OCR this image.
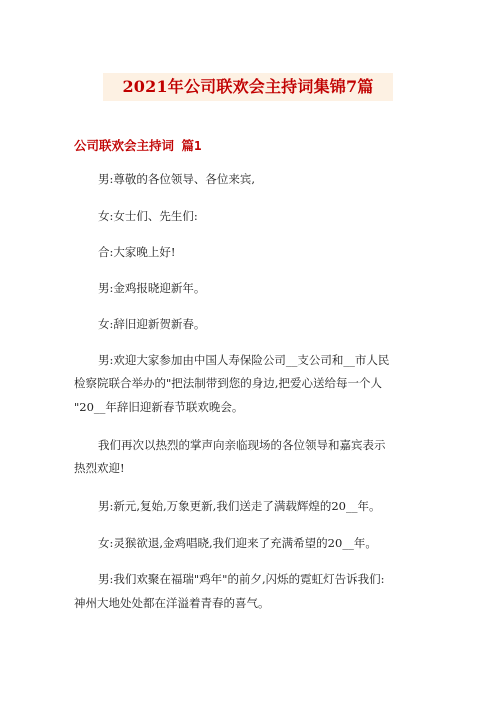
2021年公司联欢会主持词集锦7篇
公司联欢会主持词 篇1
男:尊敬的各位领导、各位来宾,
女:女士们、先生们:
合:大家晚上好!
男:金鸡报晓迎新年。
女:辞旧迎新贺新春。
男:欢迎大家参加由中国人寿保险公司__支公司和__市人民
检察院联合举办的"把法制带到您的身边,把爱心送给每一个人
"20__年辞旧迎新春节联欢晚会。
我们再次以热烈的掌声向亲临现场的各位领导和嘉宾表示
热烈欢迎!
男:新元,复始,万象更新,我们送走了满载辉煌的20__年。
女:灵猴欲退,金鸡唱晓,我们迎来了充满希望的20__年。
男:我们欢聚在福瑞"鸡年"的前夕,闪烁的霓虹灯告诉我们:
神州大地处处都在洋溢着青春的喜气。
